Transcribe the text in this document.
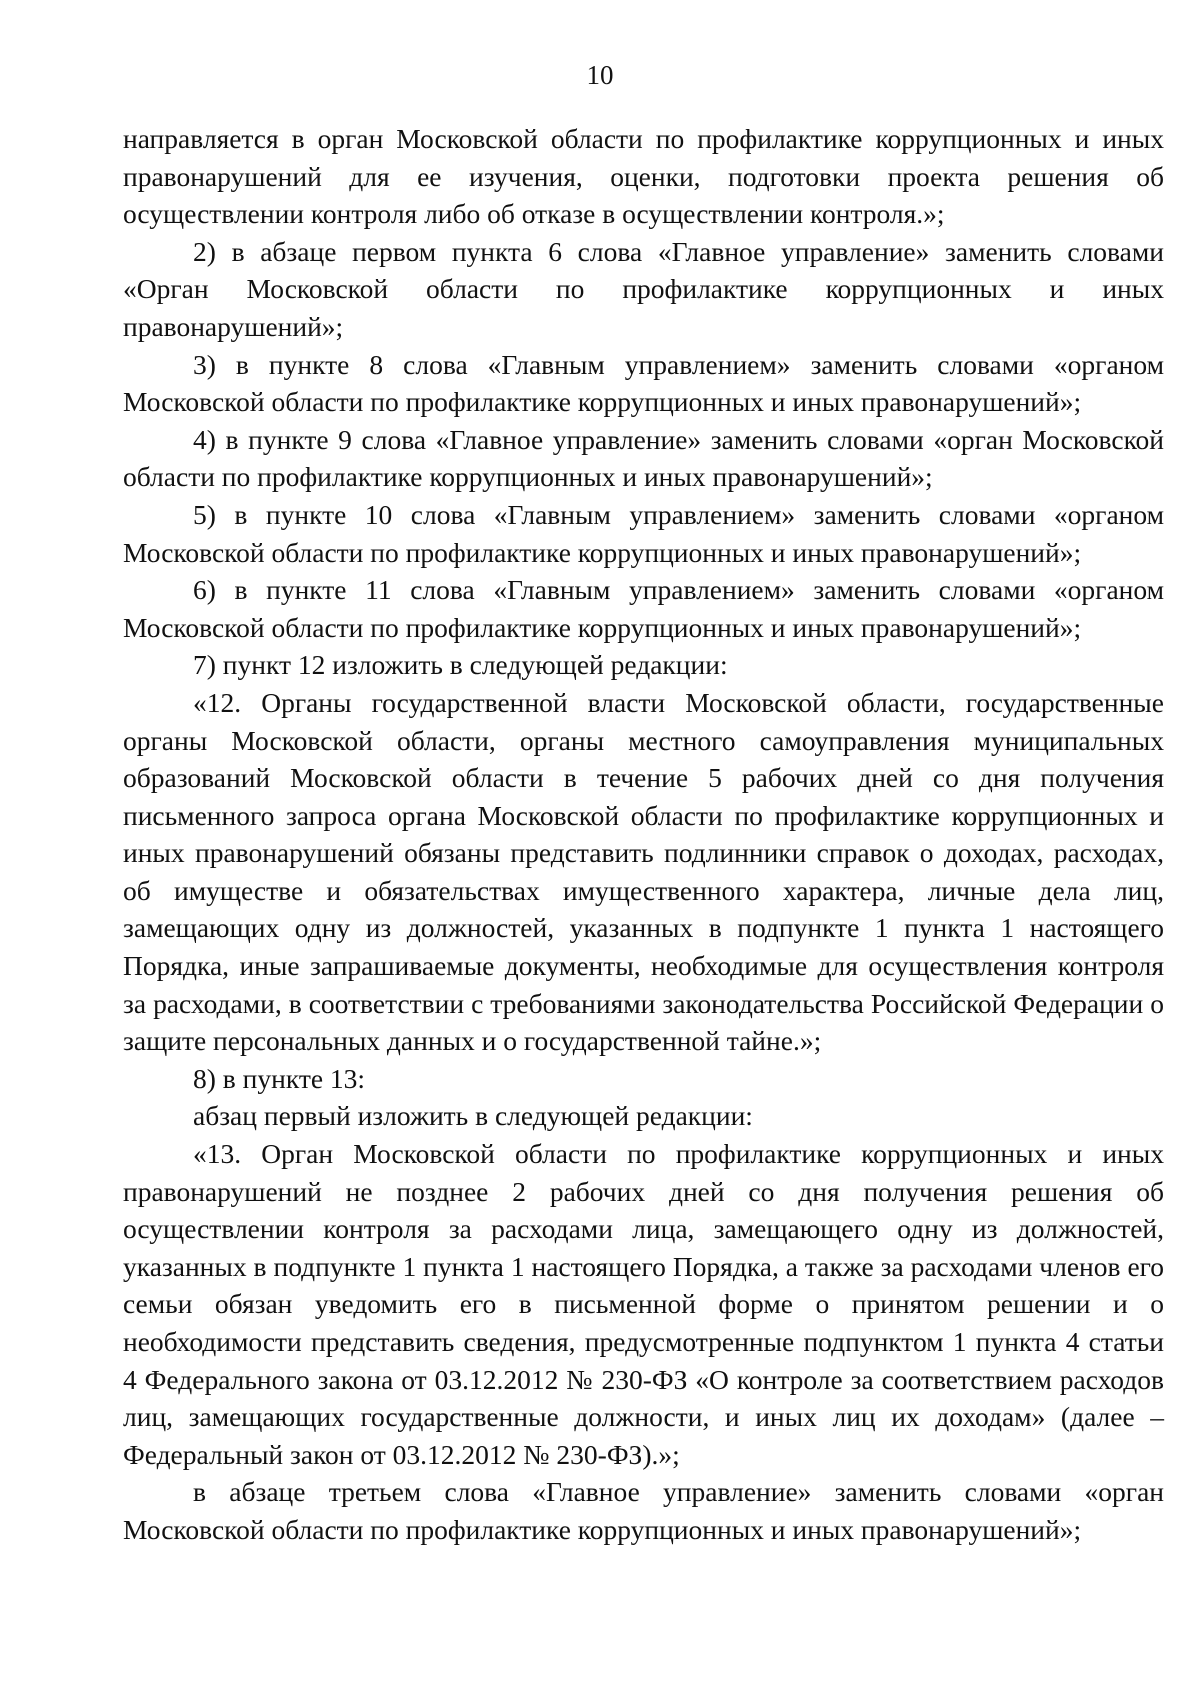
10

направляется в орган Московской области по профилактике коррупционных и иных правонарушений для ее изучения, оценки, подготовки проекта решения об осуществлении контроля либо об отказе в осуществлении контроля.»;

2) в абзаце первом пункта 6 слова «Главное управление» заменить словами «Орган Московской области по профилактике коррупционных и иных правонарушений»;

3) в пункте 8 слова «Главным управлением» заменить словами «органом Московской области по профилактике коррупционных и иных правонарушений»;

4) в пункте 9 слова «Главное управление» заменить словами «орган Московской области по профилактике коррупционных и иных правонарушений»;

5) в пункте 10 слова «Главным управлением» заменить словами «органом Московской области по профилактике коррупционных и иных правонарушений»;

6) в пункте 11 слова «Главным управлением» заменить словами «органом Московской области по профилактике коррупционных и иных правонарушений»;

7) пункт 12 изложить в следующей редакции:

«12. Органы государственной власти Московской области, государственные органы Московской области, органы местного самоуправления муниципальных образований Московской области в течение 5 рабочих дней со дня получения письменного запроса органа Московской области по профилактике коррупционных и иных правонарушений обязаны представить подлинники справок о доходах, расходах, об имуществе и обязательствах имущественного характера, личные дела лиц, замещающих одну из должностей, указанных в подпункте 1 пункта 1 настоящего Порядка, иные запрашиваемые документы, необходимые для осуществления контроля за расходами, в соответствии с требованиями законодательства Российской Федерации о защите персональных данных и о государственной тайне.»;

8) в пункте 13:

абзац первый изложить в следующей редакции:

«13. Орган Московской области по профилактике коррупционных и иных правонарушений не позднее 2 рабочих дней со дня получения решения об осуществлении контроля за расходами лица, замещающего одну из должностей, указанных в подпункте 1 пункта 1 настоящего Порядка, а также за расходами членов его семьи обязан уведомить его в письменной форме о принятом решении и о необходимости представить сведения, предусмотренные подпунктом 1 пункта 4 статьи 4 Федерального закона от 03.12.2012 № 230-ФЗ «О контроле за соответствием расходов лиц, замещающих государственные должности, и иных лиц их доходам» (далее – Федеральный закон от 03.12.2012 № 230-ФЗ).»;

в абзаце третьем слова «Главное управление» заменить словами «орган Московской области по профилактике коррупционных и иных правонарушений»;
